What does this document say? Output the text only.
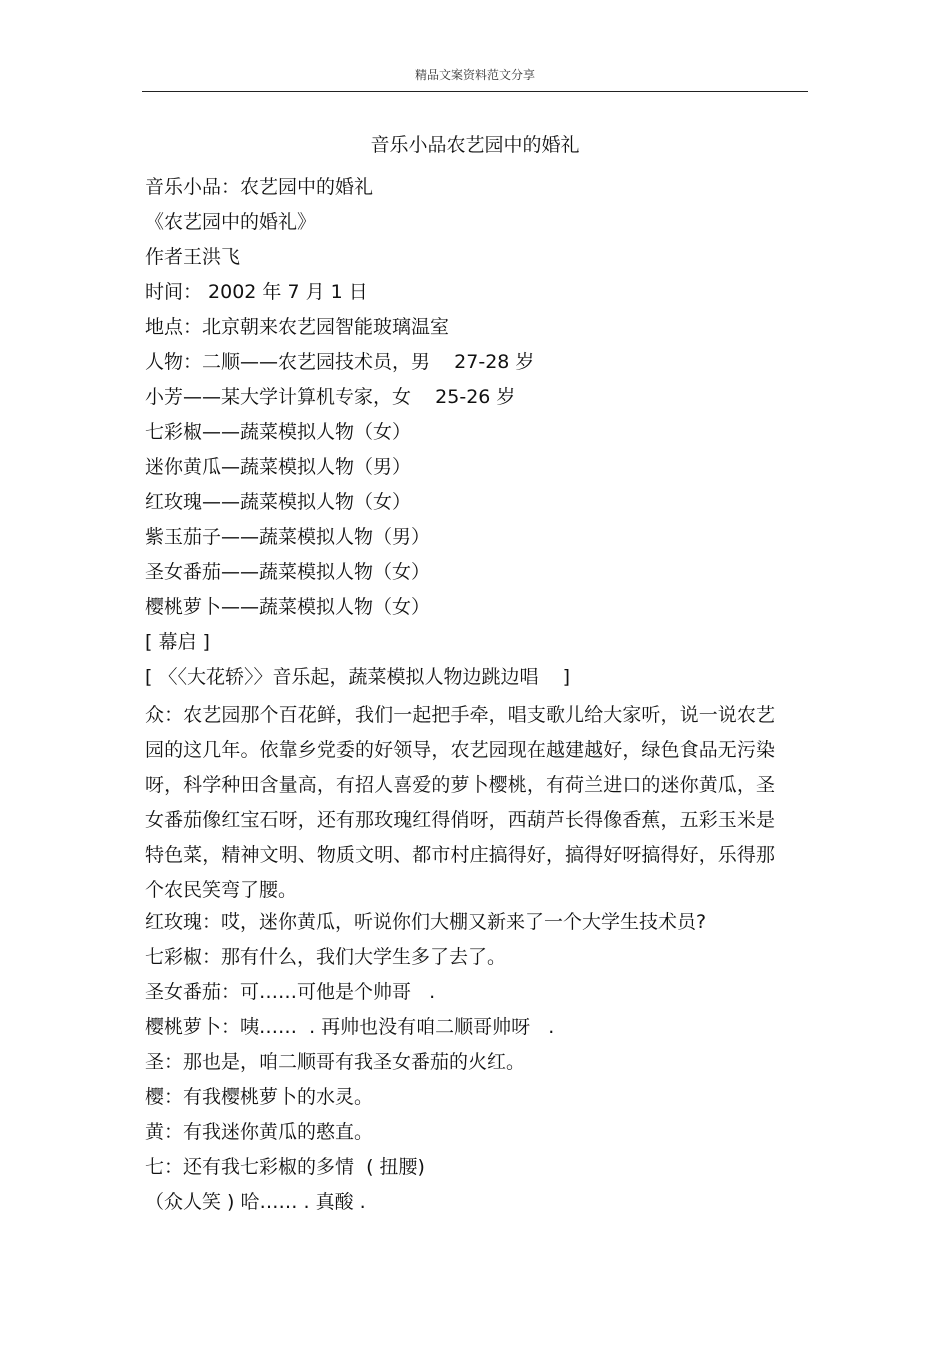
精品文案资料范文分享
音乐小品农艺园中的婚礼
音乐小品：农艺园中的婚礼
《农艺园中的婚礼》
作者王洪飞
时间： 2002 年 7 月 1 日
地点：北京朝来农艺园智能玻璃温室
人物：二顺——农艺园技术员，男    27-28 岁
小芳——某大学计算机专家，女    25-26 岁
七彩椒——蔬菜模拟人物（女）
迷你黄瓜—蔬菜模拟人物（男）
红玫瑰——蔬菜模拟人物（女）
紫玉茄子——蔬菜模拟人物（男）
圣女番茄——蔬菜模拟人物（女）
樱桃萝卜——蔬菜模拟人物（女）
[ 幕启 ]
[ 〈〈大花轿〉〉音乐起，蔬菜模拟人物边跳边唱    ]
众：农艺园那个百花鲜，我们一起把手牵，唱支歌儿给大家听，说一说农艺园的这几年。依靠乡党委的好领导，农艺园现在越建越好，绿色食品无污染呀，科学种田含量高，有招人喜爱的萝卜樱桃，有荷兰进口的迷你黄瓜，圣女番茄像红宝石呀，还有那玫瑰红得俏呀，西葫芦长得像香蕉，五彩玉米是特色菜，精神文明、物质文明、都市村庄搞得好，搞得好呀搞得好，乐得那个农民笑弯了腰。
红玫瑰：哎，迷你黄瓜，听说你们大棚又新来了一个大学生技术员?
七彩椒：那有什么，我们大学生多了去了。
圣女番茄：可……可他是个帅哥   .
樱桃萝卜：咦……  . 再帅也没有咱二顺哥帅呀   .
圣：那也是，咱二顺哥有我圣女番茄的火红。
樱：有我樱桃萝卜的水灵。
黄：有我迷你黄瓜的憨直。
七：还有我七彩椒的多情  ( 扭腰)
（众人笑 ) 哈…… . 真酸 .
